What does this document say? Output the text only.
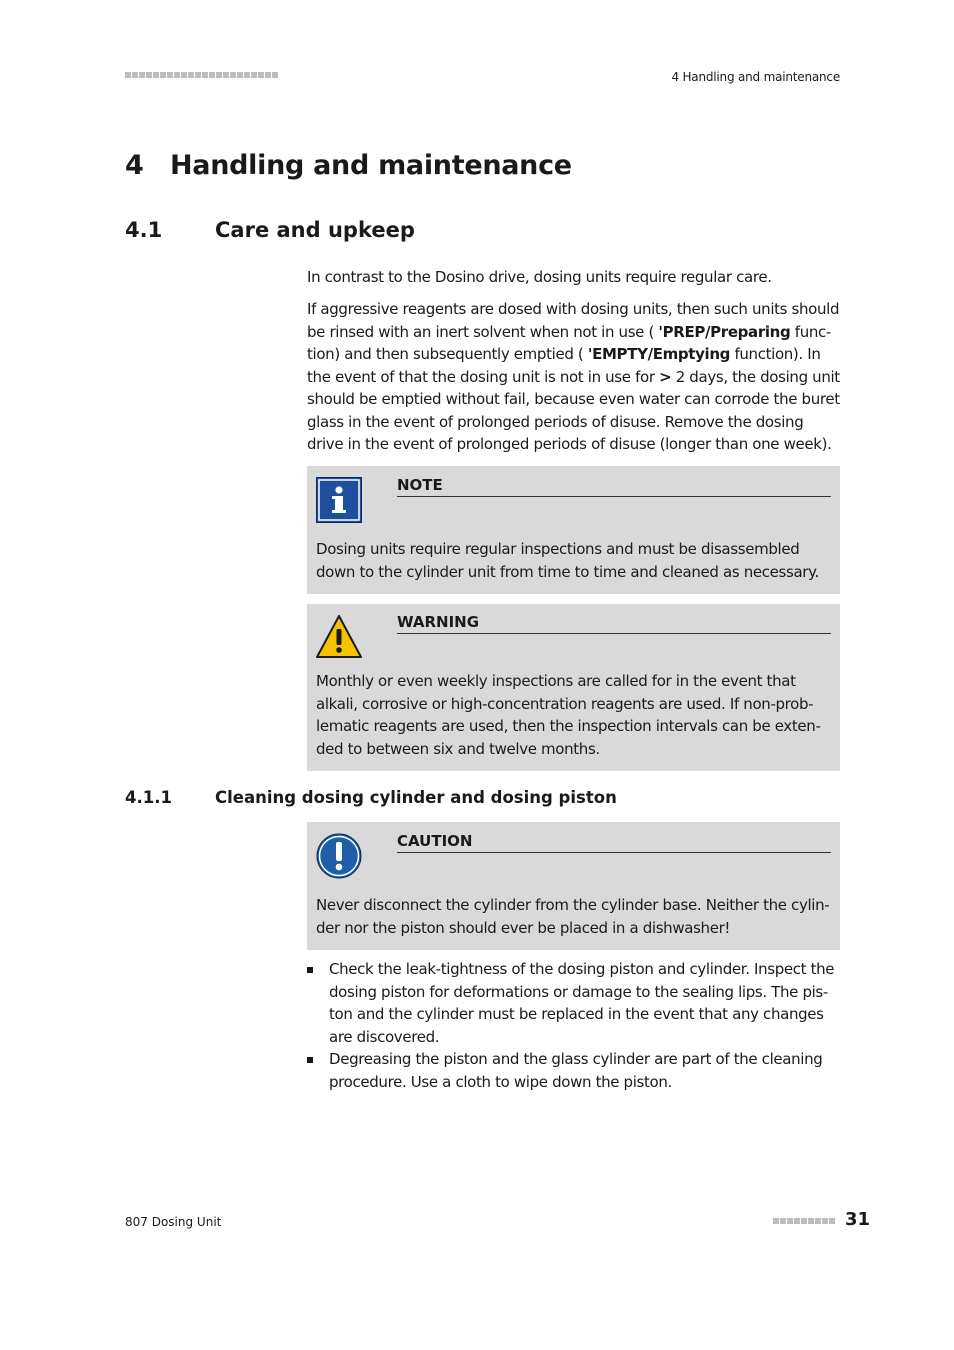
4 Handling and maintenance
4 Handling and maintenance
4.1	Care and upkeep

In contrast to the Dosino drive, dosing units require regular care.

If aggressive reagents are dosed with dosing units, then such units should be rinsed with an inert solvent when not in use ( 'PREP/Preparing func-tion) and then subsequently emptied ( 'EMPTY/Emptying function). In the event of that the dosing unit is not in use for > 2 days, the dosing unit should be emptied without fail, because even water can corrode the buret glass in the event of prolonged periods of disuse. Remove the dosing drive in the event of prolonged periods of disuse (longer than one week).

NOTE

Dosing units require regular inspections and must be disassembled down to the cylinder unit from time to time and cleaned as necessary.

WARNING

Monthly or even weekly inspections are called for in the event that alkali, corrosive or high-concentration reagents are used. If non-prob-lematic reagents are used, then the inspection intervals can be exten-ded to between six and twelve months.

4.1.1	Cleaning dosing cylinder and dosing piston
CAUTION

Never disconnect the cylinder from the cylinder base. Neither the cylin-der nor the piston should ever be placed in a dishwasher!

Check the leak-tightness of the dosing piston and cylinder. Inspect the dosing piston for deformations or damage to the sealing lips. The pis-ton and the cylinder must be replaced in the event that any changes are discovered.
Degreasing the piston and the glass cylinder are part of the cleaning procedure. Use a cloth to wipe down the piston.
807 Dosing Unit	31
